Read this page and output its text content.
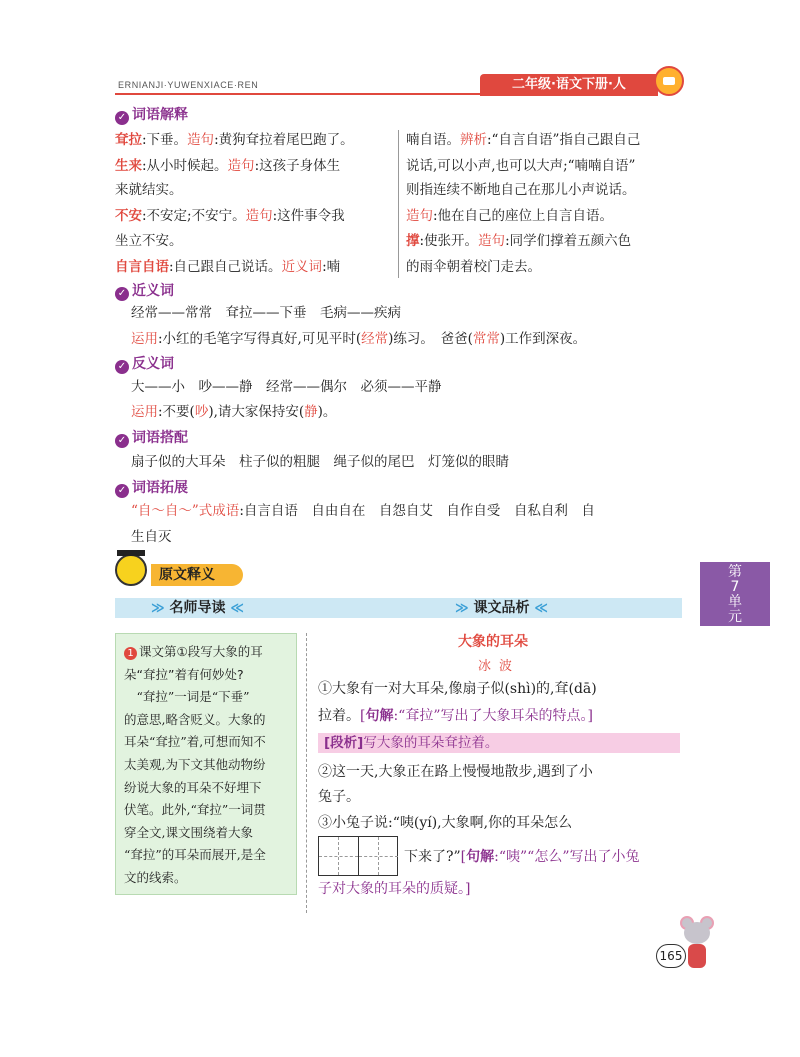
ERNIANJI·YUWENXIACE·REN	二年级·语文下册·人
✓ 词语解释
耷拉:下垂。造句:黄狗耷拉着尾巴跑了。
生来:从小时候起。造句:这孩子身体生
来就结实。
不安:不安定;不安宁。造句:这件事令我
坐立不安。
自言自语:自己跟自己说话。近义词:喃
喃自语。辨析:“自言自语”指自己跟自己
说话,可以小声,也可以大声;“喃喃自语”
则指连续不断地自己在那儿小声说话。
造句:他在自己的座位上自言自语。
撑:使张开。造句:同学们撑着五颜六色
的雨伞朝着校门走去。
✓ 近义词
经常——常常　耷拉——下垂　毛病——疾病
运用:小红的毛笔字写得真好,可见平时(经常)练习。　爸爸(常常)工作到深夜。
✓ 反义词
大——小　吵——静　经常——偶尔　必须——平静
运用:不要(吵),请大家保持安(静)。
✓ 词语搭配
扇子似的大耳朵　柱子似的粗腿　绳子似的尾巴　灯笼似的眼睛
✓ 词语拓展
“自～自～”式成语:自言自语　自由自在　自怨自艾　自作自受　自私自利　自
生自灭
第
7
单
元
原文释义
≫ 名师导读 ≪	≫ 课文品析 ≪
1 课文第①段写大象的耳
朵“耷拉”着有何妙处?
　“耷拉”一词是“下垂”
的意思,略含贬义。大象的
耳朵“耷拉”着,可想而知不
太美观,为下文其他动物纷
纷说大象的耳朵不好埋下
伏笔。此外,“耷拉”一词贯
穿全文,课文围绕着大象
“耷拉”的耳朵而展开,是全
文的线索。
大象的耳朵
冰波
①大象有一对大耳朵,像扇子似(shì)的,耷(dā)
拉着。[句解:“耷拉”写出了大象耳朵的特点。]
[段析]写大象的耳朵耷拉着。
②这一天,大象正在路上慢慢地散步,遇到了小
兔子。
③小兔子说:“咦(yí),大象啊,你的耳朵怎么
下来了?”[句解:“咦”“怎么”写出了小兔
子对大象的耳朵的质疑。]
165
